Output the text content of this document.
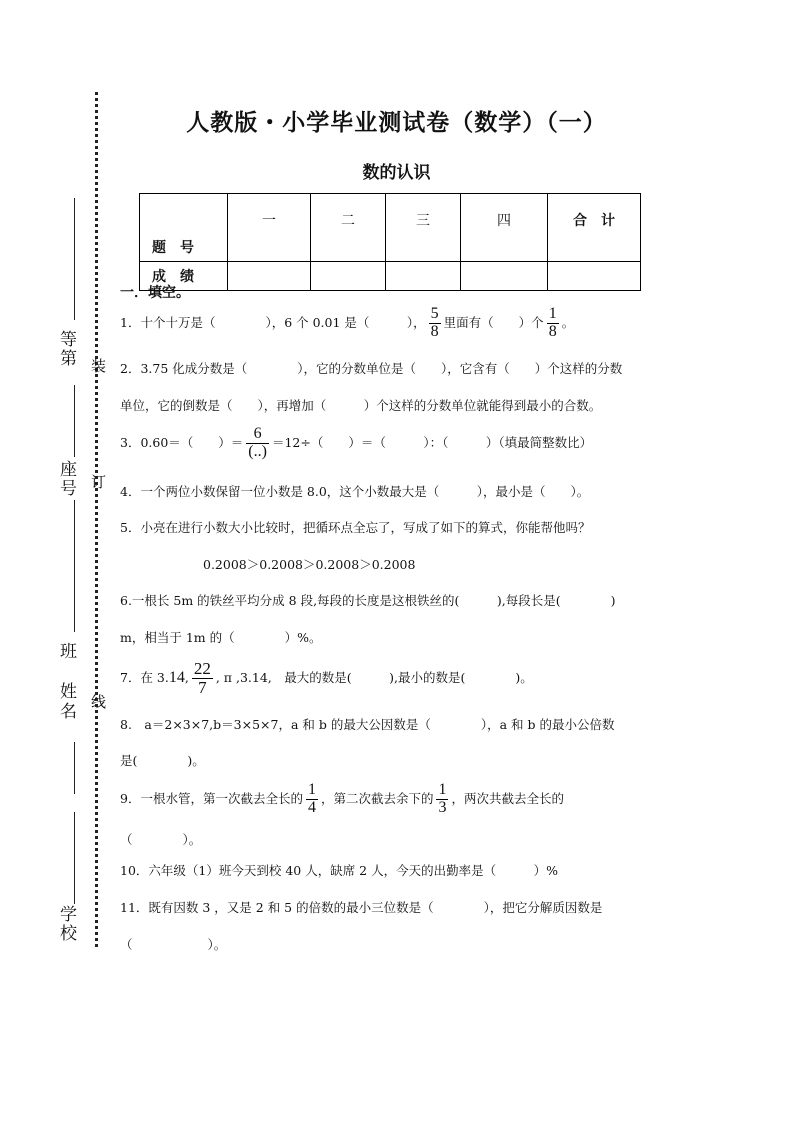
装
订
线
等第
座号
班　姓名
学校
人教版・小学毕业测试卷（数学）（一）
数的认识
题　号	一	二	三	四	合　计
成　绩					
一．填空。
1．十个十万是（　　　　），6 个 0.01 是（　　　）， $\frac{5}{8}$ 里面有（　　）个 $\frac{1}{8}$ 。
2．3.75 化成分数是（　　　　），它的分数单位是（　　），它含有（　　）个这样的分数
单位，它的倒数是（　　），再增加（　　　）个这样的分数单位就能得到最小的合数。
3．0.60＝（　　）＝ $\frac{6}{(..)} =12\div$（　　）＝（　　　）：（　　　）（填最简整数比）
4．一个两位小数保留一位小数是 8.0，这个小数最大是（　　　），最小是（　　）。
5．小亮在进行小数大小比较时，把循环点全忘了，写成了如下的算式，你能帮他吗？
0.2008＞0.2008＞0.2008＞0.2008
6.一根长 5m 的铁丝平均分成 8 段,每段的长度是这根铁丝的(　　　),每段长是(　　　　)
m，相当于 1m 的（　　　　）%。
7．在 3.14, $\frac{22}{7}$ , π ,3.14,　最大的数是(　　　),最小的数是(　　　　)。
8.　a＝2×3×7,b＝3×5×7，a 和 b 的最大公因数是（　　　　），a 和 b 的最小公倍数
是(　　　　)。
9．一根水管，第一次截去全长的 $\frac{1}{4}$ ，第二次截去余下的 $\frac{1}{3}$ ，两次共截去全长的
（　　　　）。
10．六年级（1）班今天到校 40 人，缺席 2 人，今天的出勤率是（　　　）%
11．既有因数 3 ，又是 2 和 5 的倍数的最小三位数是（　　　　），把它分解质因数是
（　　　　　　）。
